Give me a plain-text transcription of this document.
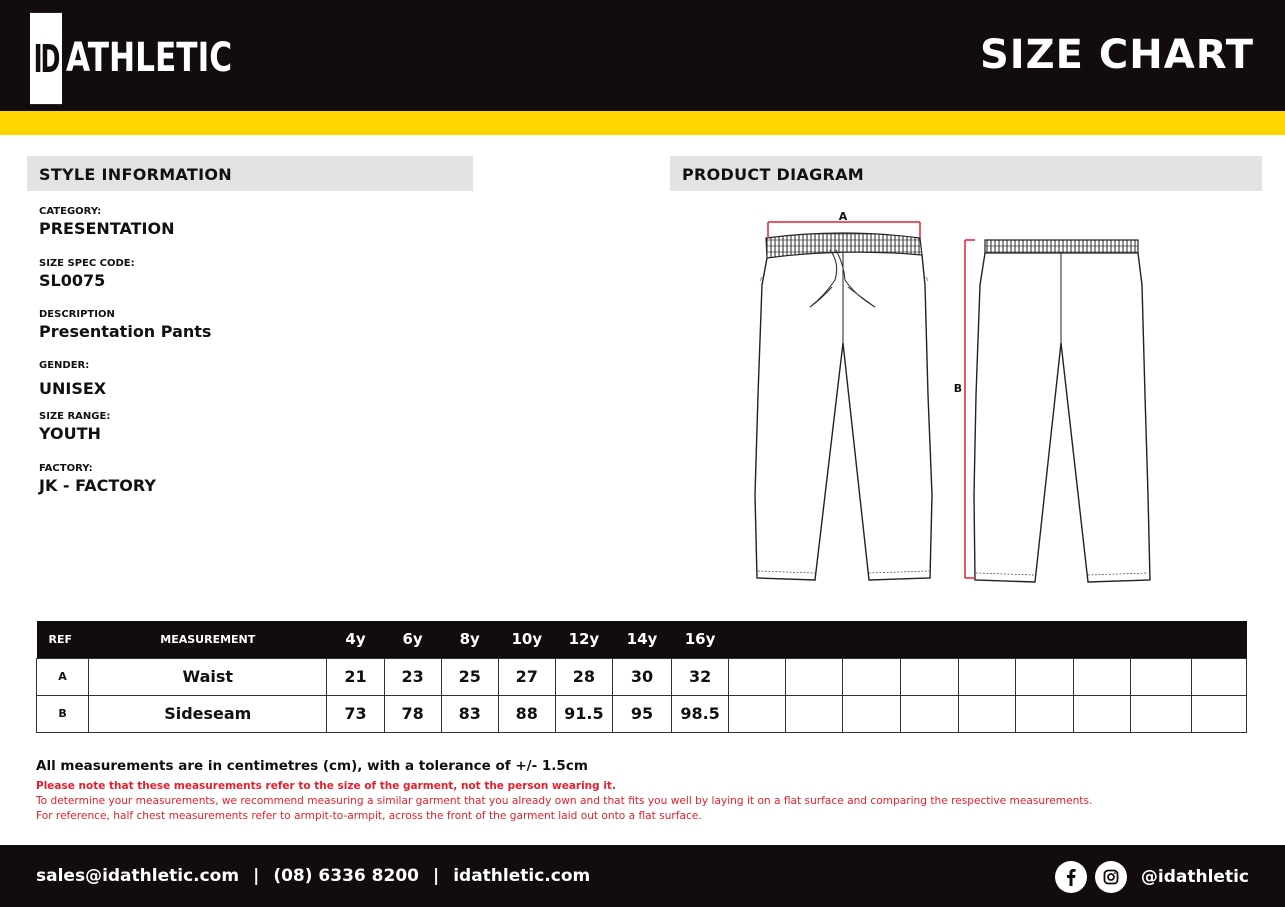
ID ATHLETIC	SIZE CHART
STYLE INFORMATION
CATEGORY:
PRESENTATION
SIZE SPEC CODE:
SL0075
DESCRIPTION
Presentation Pants
GENDER:
UNISEX
SIZE RANGE:
YOUTH
FACTORY:
JK - FACTORY
PRODUCT DIAGRAM
A
B
REF	MEASUREMENT	4y	6y	8y	10y	12y	14y	16y									
A	Waist	21	23	25	27	28	30	32									
B	Sideseam	73	78	83	88	91.5	95	98.5									
All measurements are in centimetres (cm), with a tolerance of +/- 1.5cm
Please note that these measurements refer to the size of the garment, not the person wearing it.
To determine your measurements, we recommend measuring a similar garment that you already own and that fits you well by laying it on a flat surface and comparing the respective measurements.
For reference, half chest measurements refer to armpit-to-armpit, across the front of the garment laid out onto a flat surface.
sales@idathletic.com | (08) 6336 8200 | idathletic.com	@idathletic
